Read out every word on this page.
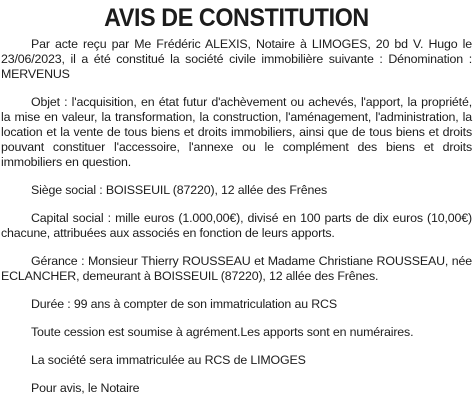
AVIS DE CONSTITUTION

Par acte reçu par Me Frédéric ALEXIS, Notaire à LIMOGES, 20 bd V. Hugo le 23/06/2023, il a été constitué la société civile immobilière suivante : Dénomination : MERVENUS

Objet : l'acquisition, en état futur d'achèvement ou achevés, l'apport, la propriété, la mise en valeur, la transformation, la construction, l'aménagement, l'administration, la location et la vente de tous biens et droits immobiliers, ainsi que de tous biens et droits pouvant constituer l'accessoire, l'annexe ou le complément des biens et droits immobiliers en question.

Siège social : BOISSEUIL (87220), 12 allée des Frênes

Capital social : mille euros (1.000,00€), divisé en 100 parts de dix euros (10,00€) chacune, attribuées aux associés en fonction de leurs apports.

Gérance : Monsieur Thierry ROUSSEAU et Madame Christiane ROUSSEAU, née ECLANCHER, demeurant à BOISSEUIL (87220), 12 allée des Frênes.

Durée : 99 ans à compter de son immatriculation au RCS

Toute cession est soumise à agrément.Les apports sont en numéraires.

La société sera immatriculée au RCS de LIMOGES

Pour avis, le Notaire
